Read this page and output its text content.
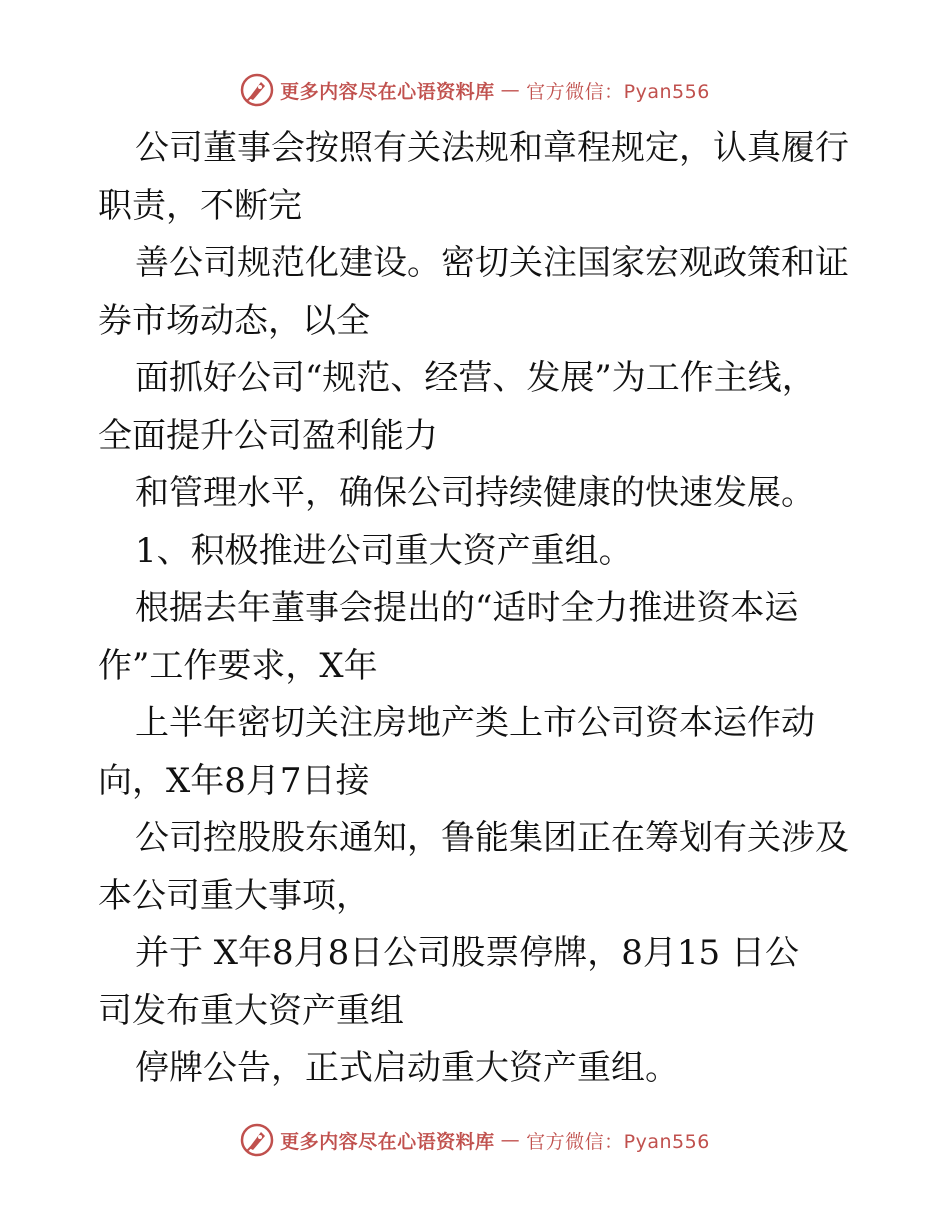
更多内容尽在心语资料库 — 官方微信：Pyan556

公司董事会按照有关法规和章程规定，认真履行

职责，不断完

善公司规范化建设。密切关注国家宏观政策和证

券市场动态，以全

面抓好公司“规范、经营、发展”为工作主线，

全面提升公司盈利能力

和管理水平，确保公司持续健康的快速发展。

1、积极推进公司重大资产重组。

根据去年董事会提出的“适时全力推进资本运

作”工作要求，X年

上半年密切关注房地产类上市公司资本运作动

向，X年8月7日接

公司控股股东通知，鲁能集团正在筹划有关涉及

本公司重大事项，

并于 X年8月8日公司股票停牌，8月15 日公

司发布重大资产重组

停牌公告，正式启动重大资产重组。

更多内容尽在心语资料库 — 官方微信：Pyan556
